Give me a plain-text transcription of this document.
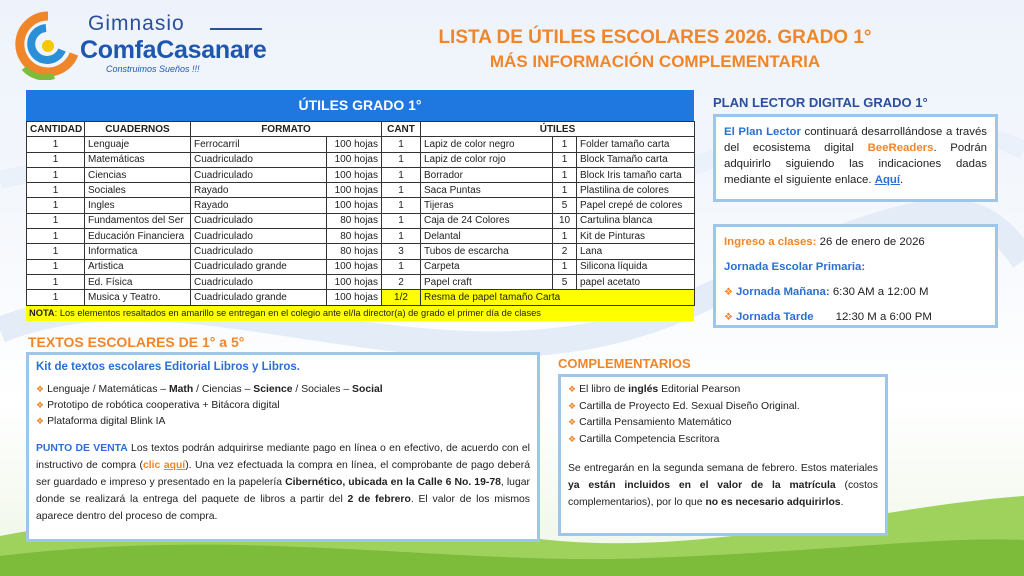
Gimnasio
ComfaCasanare
Construimos Sueños !!!
LISTA DE ÚTILES ESCOLARES 2026. GRADO 1°
MÁS INFORMACIÓN COMPLEMENTARIA
ÚTILES GRADO 1°
CANTIDAD	CUADERNOS	FORMATO		CANT	ÚTILES		
1	Lenguaje	Ferrocarril	100 hojas	1	Lapiz de color negro	1	Folder tamaño carta
1	Matemáticas	Cuadriculado	100 hojas	1	Lapiz de color rojo	1	Block Tamaño carta
1	Ciencias	Cuadriculado	100 hojas	1	Borrador	1	Block Iris tamaño carta
1	Sociales	Rayado	100 hojas	1	Saca Puntas	1	Plastilina de colores
1	Ingles	Rayado	100 hojas	1	Tijeras	5	Papel crepé de colores
1	Fundamentos del Ser	Cuadriculado	80 hojas	1	Caja de 24 Colores	10	Cartulina blanca
1	Educación Financiera	Cuadriculado	80 hojas	1	Delantal	1	Kit de Pinturas
1	Informatica	Cuadriculado	80 hojas	3	Tubos de escarcha	2	Lana
1	Artistica	Cuadriculado grande	100 hojas	1	Carpeta	1	Silicona líquida
1	Ed. Física	Cuadriculado	100 hojas	2	Papel craft	5	papel acetato
1	Musica y Teatro.	Cuadriculado grande	100 hojas	1/2	Resma de papel tamaño Carta		
NOTA: Los elementos resaltados en amarillo se entregan en el colegio ante el/la director(a) de grado el primer día de clases
PLAN LECTOR DIGITAL GRADO 1°
El Plan Lector continuará desarrollándose a través del ecosistema digital BeeReaders. Podrán adquirirlo siguiendo las indicaciones dadas mediante el siguiente enlace. Aquí.
Ingreso a clases: 26 de enero de 2026
Jornada Escolar Primaria:
❖ Jornada Mañana: 6:30 AM a 12:00 M
❖ Jornada Tarde 12:30 M a 6:00 PM
TEXTOS ESCOLARES DE 1° a 5°
Kit de textos escolares Editorial Libros y Libros.
❖ Lenguaje / Matemáticas – Math / Ciencias – Science / Sociales – Social
❖ Prototipo de robótica cooperativa + Bitácora digital
❖ Plataforma digital Blink IA
PUNTO DE VENTA Los textos podrán adquirirse mediante pago en línea o en efectivo, de acuerdo con el instructivo de compra (clic aquí). Una vez efectuada la compra en línea, el comprobante de pago deberá ser guardado e impreso y presentado en la papelería Cibernético, ubicada en la Calle 6 No. 19-78, lugar donde se realizará la entrega del paquete de libros a partir del 2 de febrero. El valor de los mismos aparece dentro del proceso de compra.
COMPLEMENTARIOS
❖ El libro de inglés Editorial Pearson
❖ Cartilla de Proyecto Ed. Sexual Diseño Original.
❖ Cartilla Pensamiento Matemático
❖ Cartilla Competencia Escritora
Se entregarán en la segunda semana de febrero. Estos materiales ya están incluidos en el valor de la matrícula (costos complementarios), por lo que no es necesario adquirirlos.
